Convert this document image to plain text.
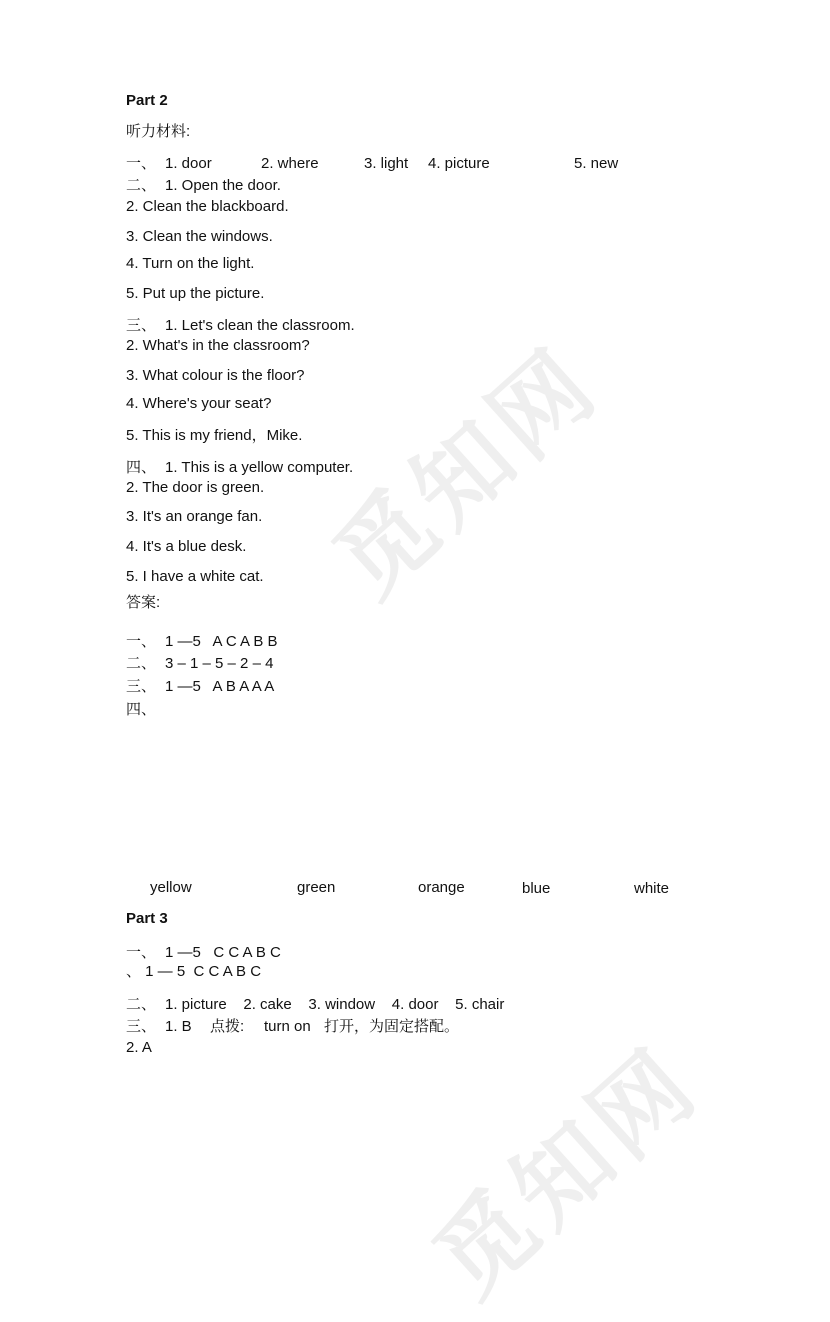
觅知网
觅知网
Part 2
听力材料:
一、 1. door	2. where	3. light 4. picture	5. new
二、 1. Open the door.
2. Clean the blackboard.
3. Clean the windows.
4. Turn on the light.
5. Put up the picture.
三、 1. Let's clean the classroom.
2. What's in the classroom?
3. What colour is the floor?
4. Where's your seat?
5. This is my friend，Mike.
四、 1. This is a yellow computer.
2. The door is green.
3. It's an orange fan.
4. It's a blue desk.
5. I have a white cat.
答案:
一、 1 —5   A C A B B
二、 3 – 1 – 5 – 2 – 4
三、 1 —5   A B A A A
四、
yellow	green	orange	blue	white
Part 3
一、 1 —5   C C A B C
、 1 — 5  C C A B C
二、 1. picture    2. cake    3. window    4. door    5. chair
三、 1. B 点拨: turn on 打开，为固定搭配。
2. A
